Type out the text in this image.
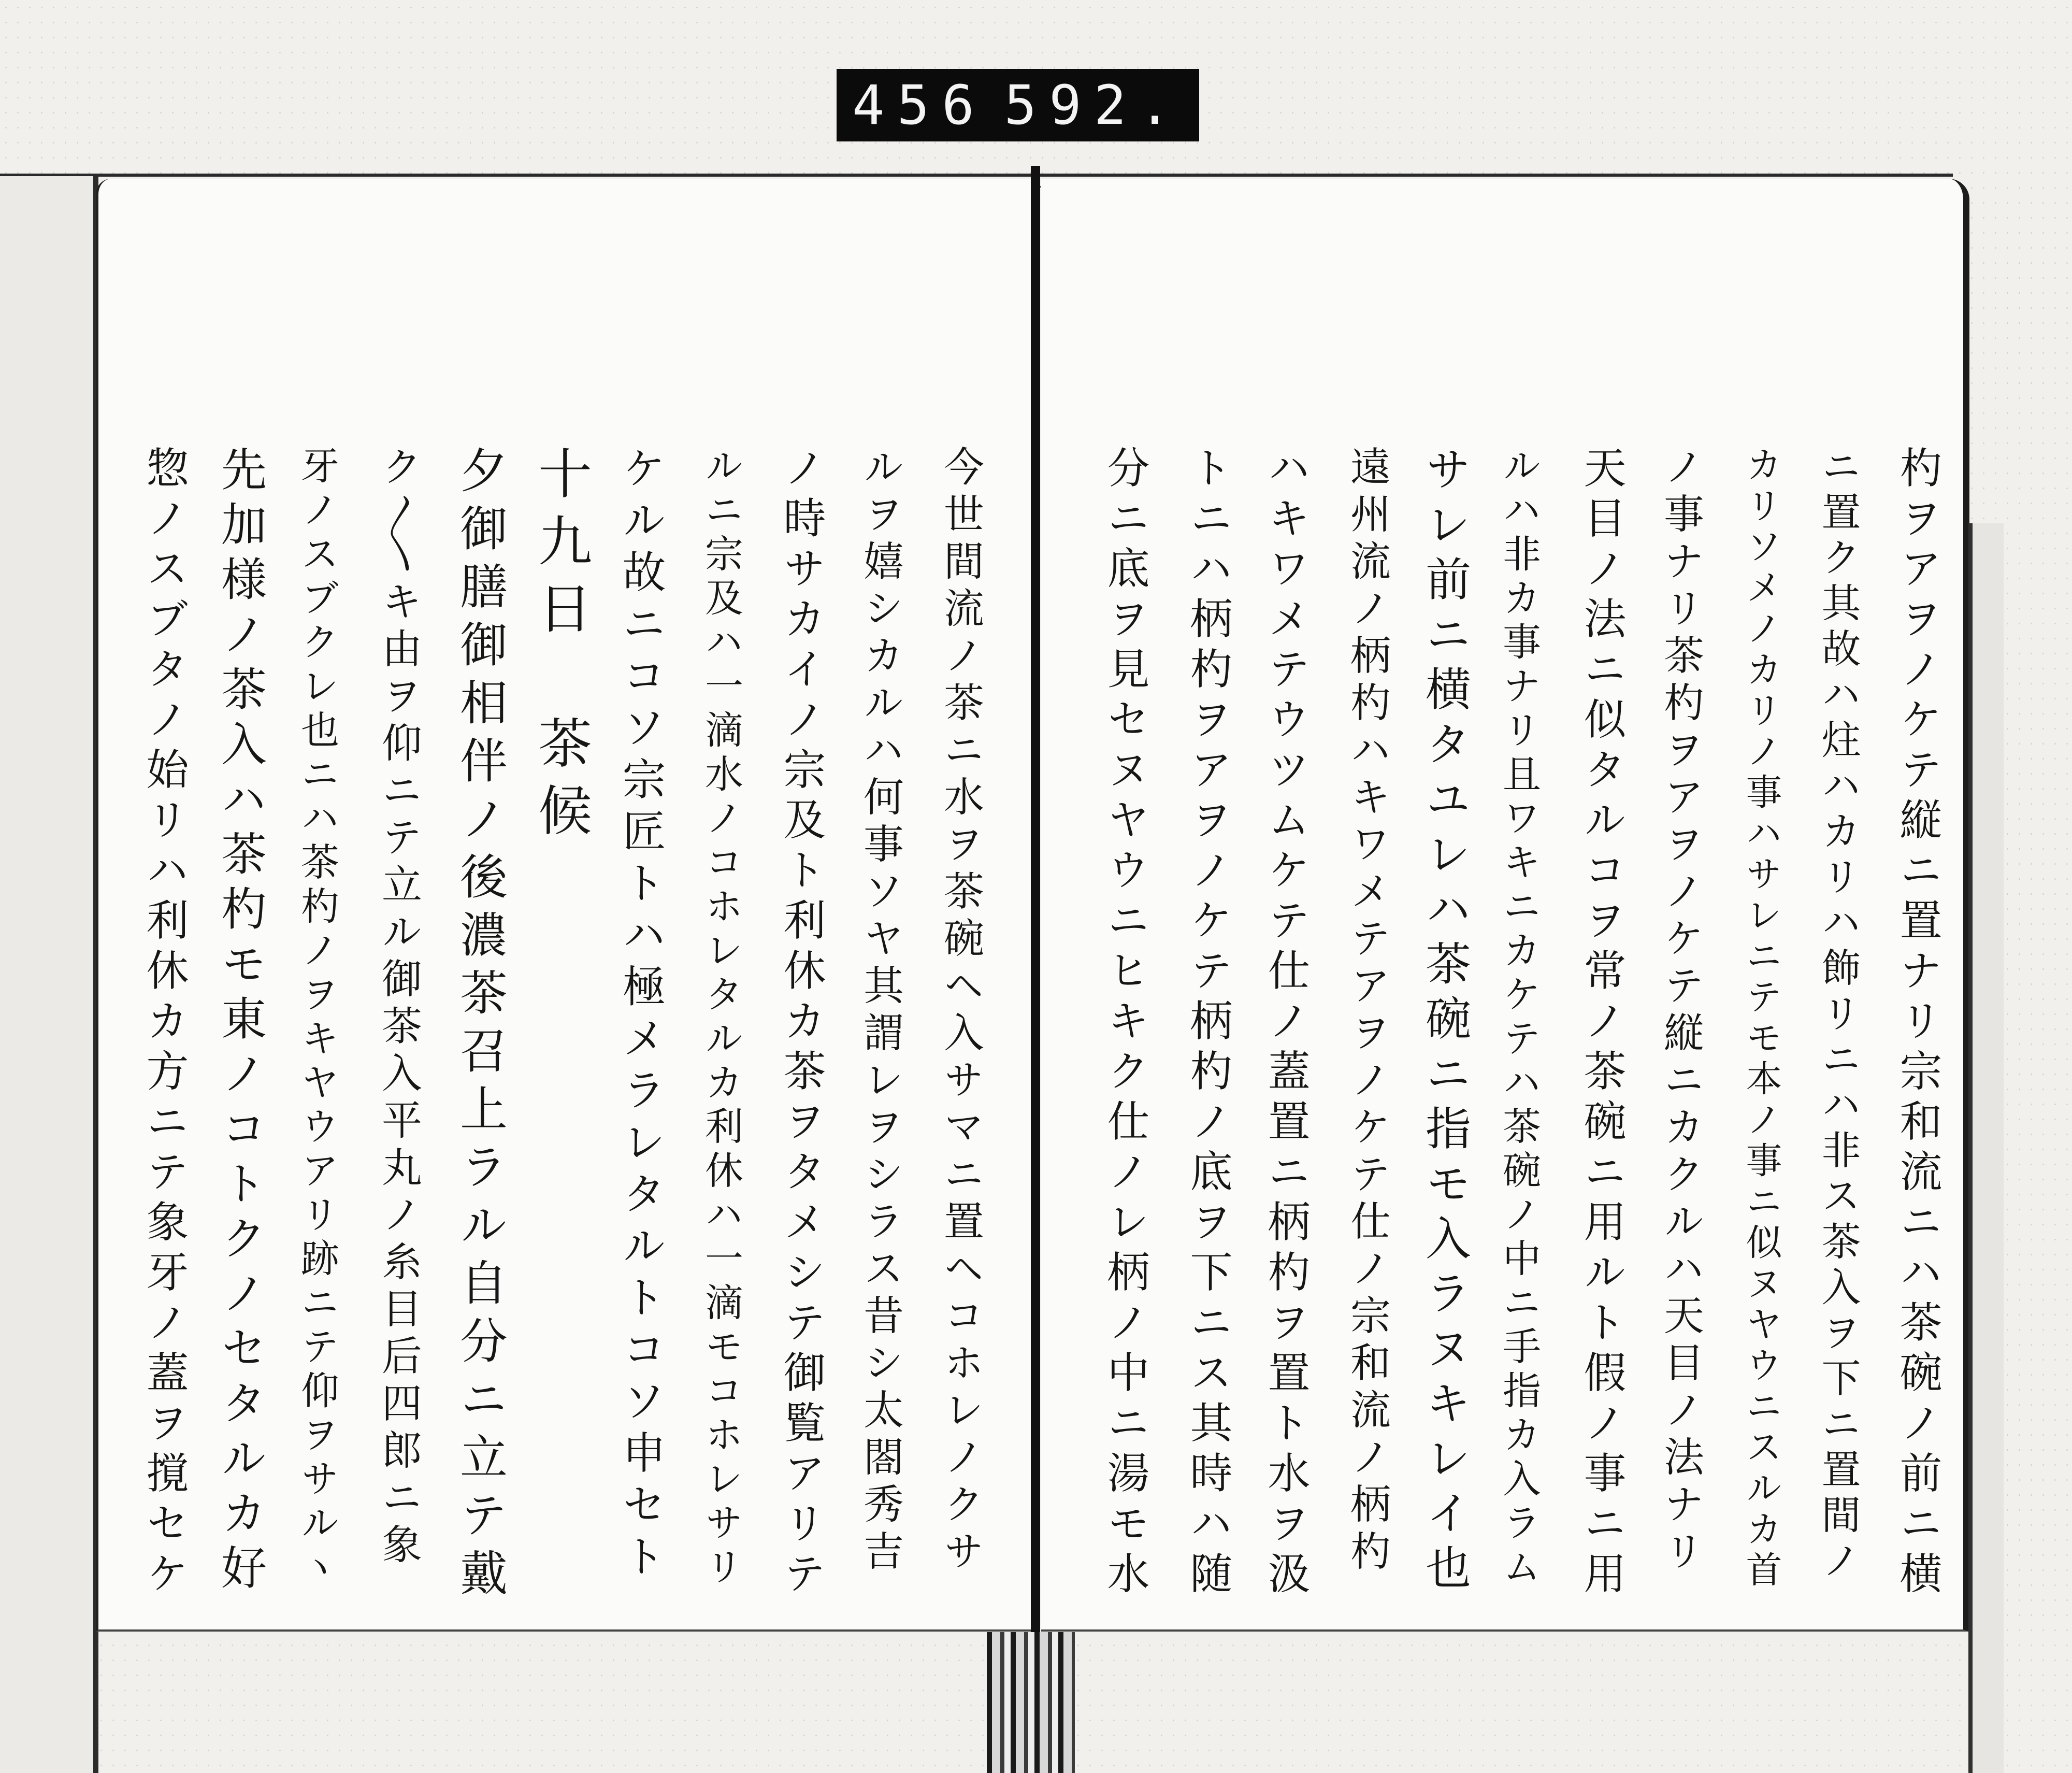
456 592.

杓ヲアヲノケテ縦ニ置ナリ宗和流ニハ茶碗ノ前ニ横

ニ置ク其故ハ炷ハカリハ飾リニハ非ス茶入ヲ下ニ置間ノ

カリソメノカリノ事ハサレニテモ本ノ事ニ似ヌヤウニスルカ首

ノ事ナリ茶杓ヲアヲノケテ縦ニカクルハ天目ノ法ナリ

天目ノ法ニ似タルコヲ常ノ茶碗ニ用ルト假ノ事ニ用

ルハ非カ事ナリ且ワキニカケテハ茶碗ノ中ニ手指カ入ラム

サレ前ニ横タユレハ茶碗ニ指モ入ラヌキレイ也

遠州流ノ柄杓ハキワメテアヲノケテ仕ノ宗和流ノ柄杓

ハキワメテウツムケテ仕ノ蓋置ニ柄杓ヲ置ト水ヲ汲

トニハ柄杓ヲアヲノケテ柄杓ノ底ヲ下ニス其時ハ随

分ニ底ヲ見セヌヤウニヒキク仕ノレ柄ノ中ニ湯モ水

今世間流ノ茶ニ水ヲ茶碗ヘ入サマニ置ヘコホレノクサ

ルヲ嬉シカルハ何事ソヤ其謂レヲシラス昔シ太閤秀吉

ノ時サカイノ宗及ト利休カ茶ヲタメシテ御覧アリテ

ルニ宗及ハ一滴水ノコホレタルカ利休ハ一滴モコホレサリ

ケル故ニコソ宗匠トハ極メラレタルトコソ申セト

十九日　茶候

夕御膳御相伴ノ後濃茶召上ラル自分ニ立テ戴

ク〳〵キ由ヲ仰ニテ立ル御茶入平丸ノ糸目后四郎ニ象

牙ノスブクレ也ニハ茶杓ノヲキヤウアリ跡ニテ仰ヲサルヽ

先加様ノ茶入ハ茶杓モ東ノコトクノセタルカ好

惣ノスブタノ始リハ利休カ方ニテ象牙ノ蓋ヲ撹セケ
